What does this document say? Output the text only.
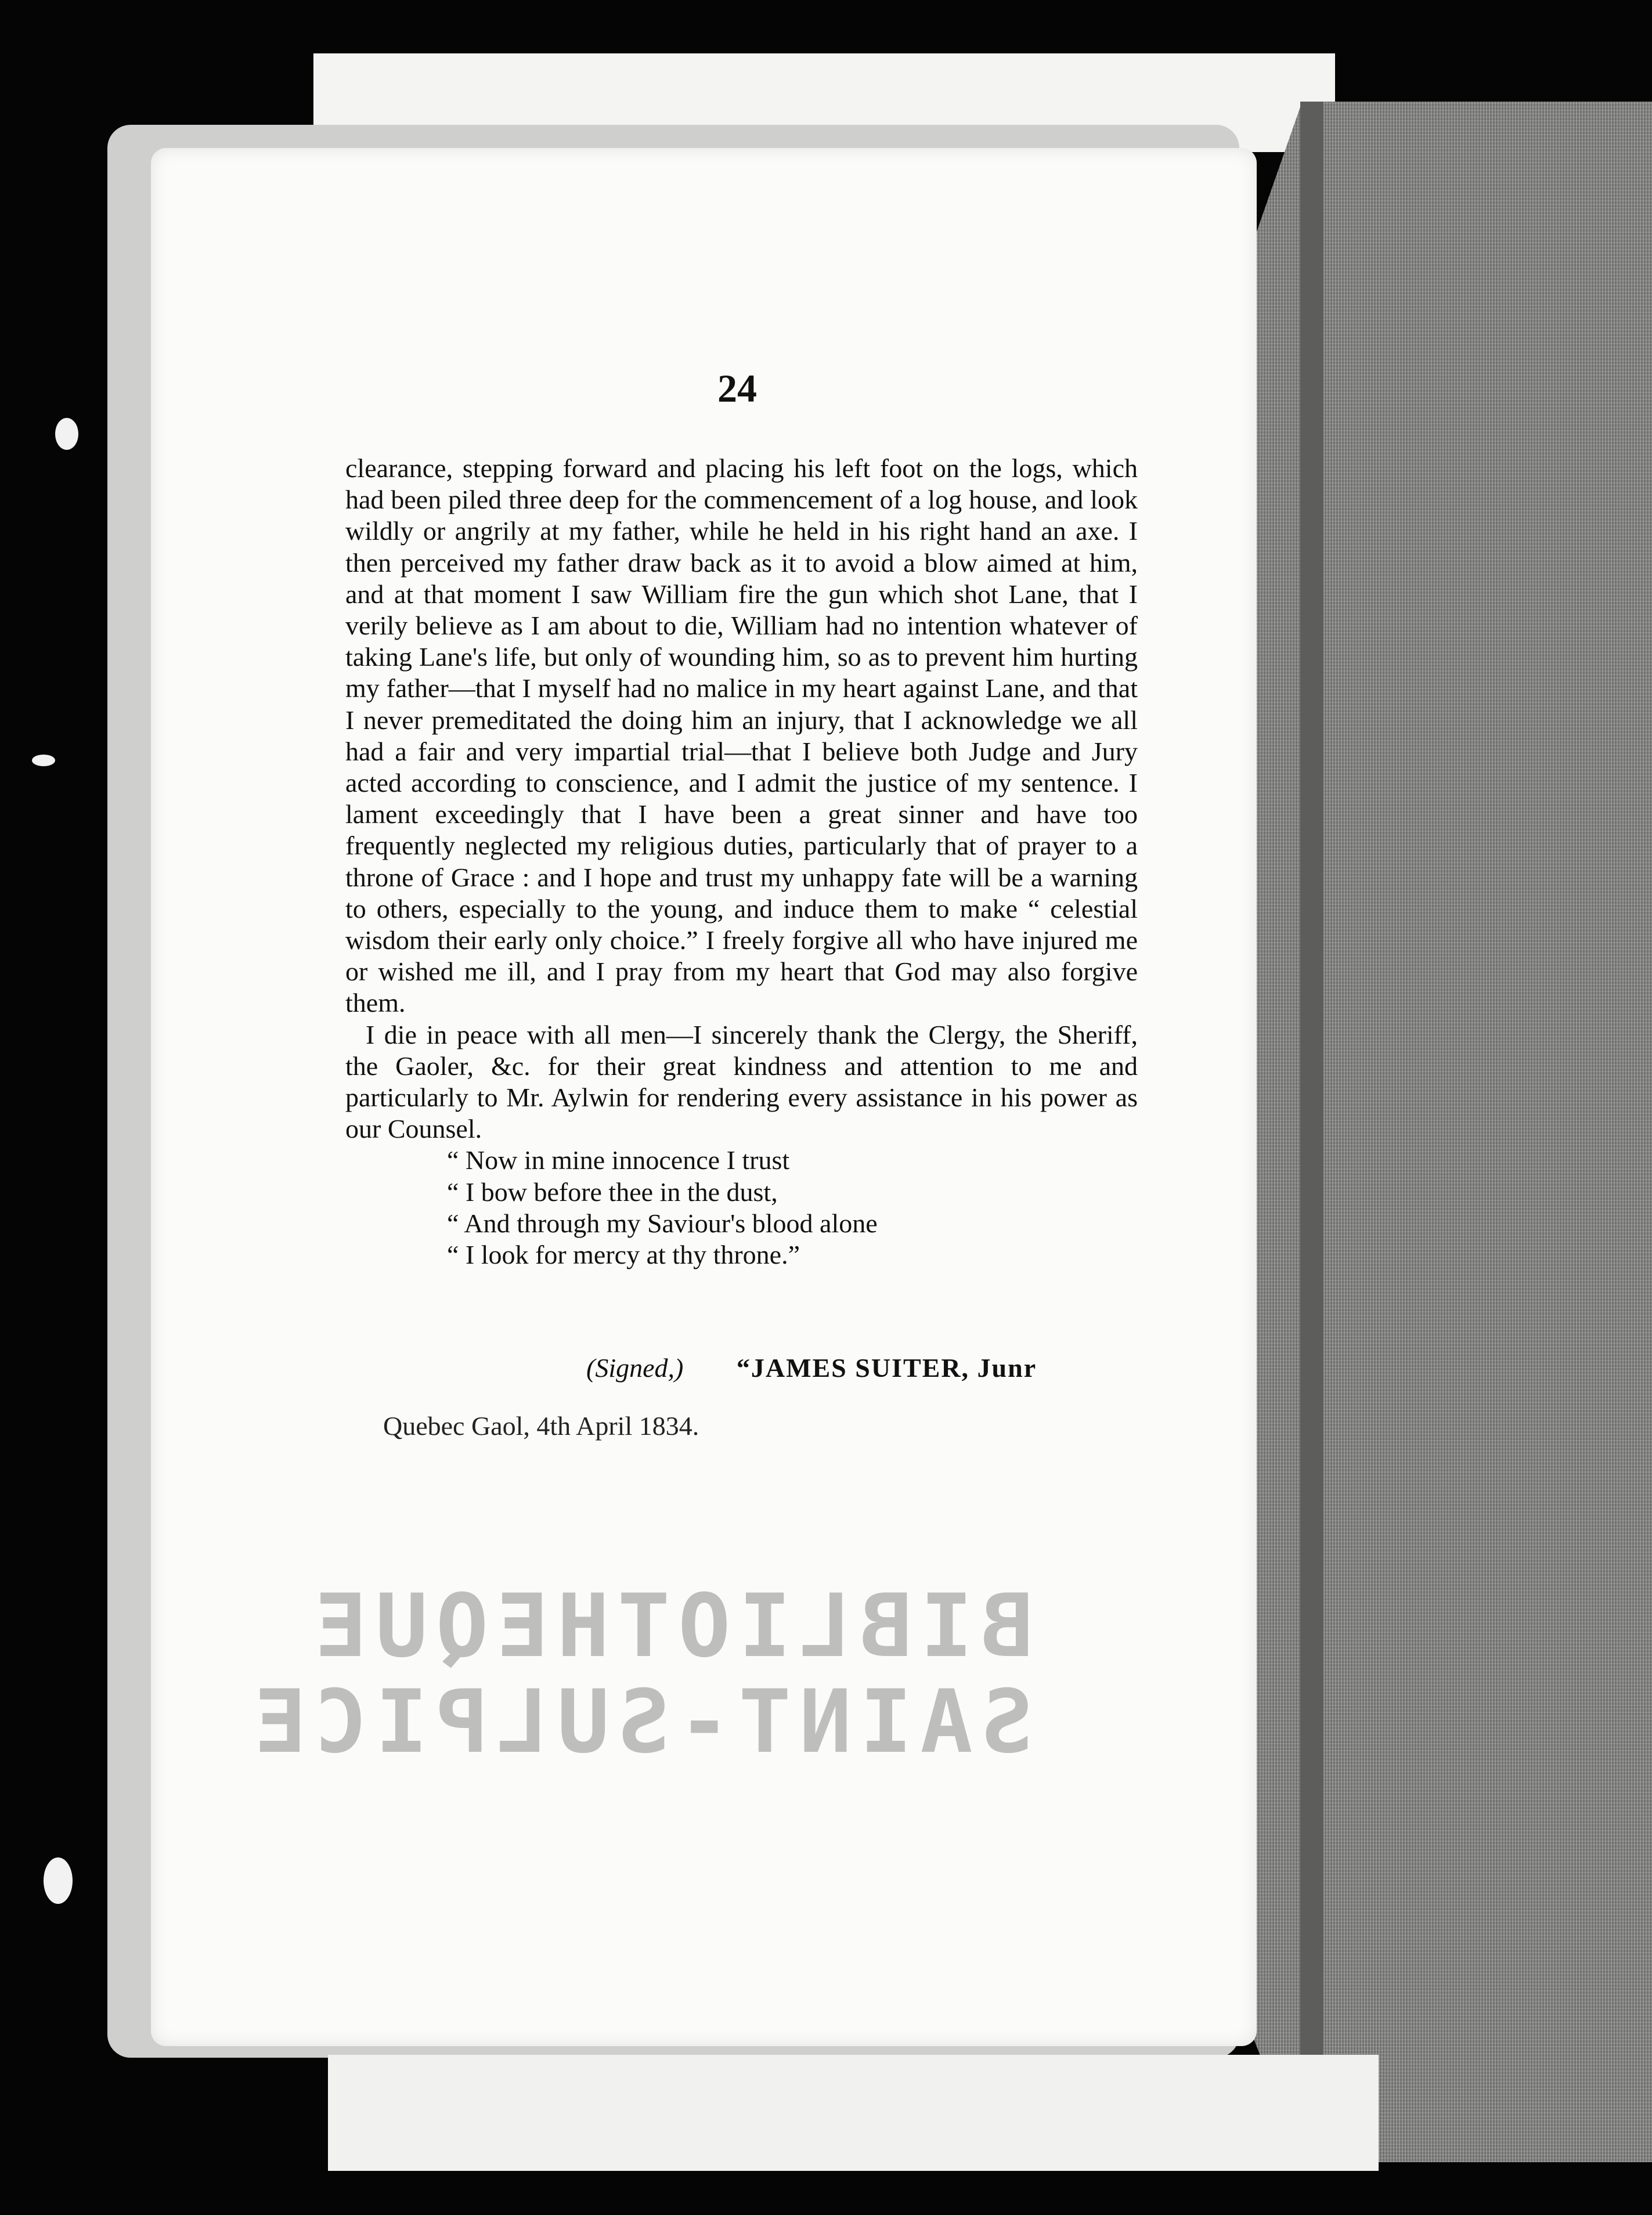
BIBLIOTHEQUE
SAINT-SULPICE
24

clearance, stepping forward and placing his left foot on the logs, which had been piled three deep for the commencement of a log house, and look wildly or angrily at my father, while he held in his right hand an axe. I then perceived my father draw back as it to avoid a blow aimed at him, and at that moment I saw William fire the gun which shot Lane, that I verily believe as I am about to die, William had no intention whatever of taking Lane's life, but only of wounding him, so as to prevent him hurting my father—that I myself had no malice in my heart against Lane, and that I never premeditated the doing him an injury, that I acknowledge we all had a fair and very impartial trial—that I believe both Judge and Jury acted according to conscience, and I admit the justice of my sentence. I lament exceedingly that I have been a great sinner and have too frequently neglected my religious duties, particularly that of prayer to a throne of Grace : and I hope and trust my unhappy fate will be a warning to others, especially to the young, and induce them to make “ celestial wisdom their early only choice.” I freely forgive all who have injured me or wished me ill, and I pray from my heart that God may also forgive them.

I die in peace with all men—I sincerely thank the Clergy, the Sheriff, the Gaoler, &c. for their great kindness and attention to me and particularly to Mr. Aylwin for rendering every assistance in his power as our Counsel.

“ Now in mine innocence I trust
“ I bow before thee in the dust,
“ And through my Saviour's blood alone
“ I look for mercy at thy throne.”
(Signed,) “JAMES SUITER, Junr
Quebec Gaol, 4th April 1834.
